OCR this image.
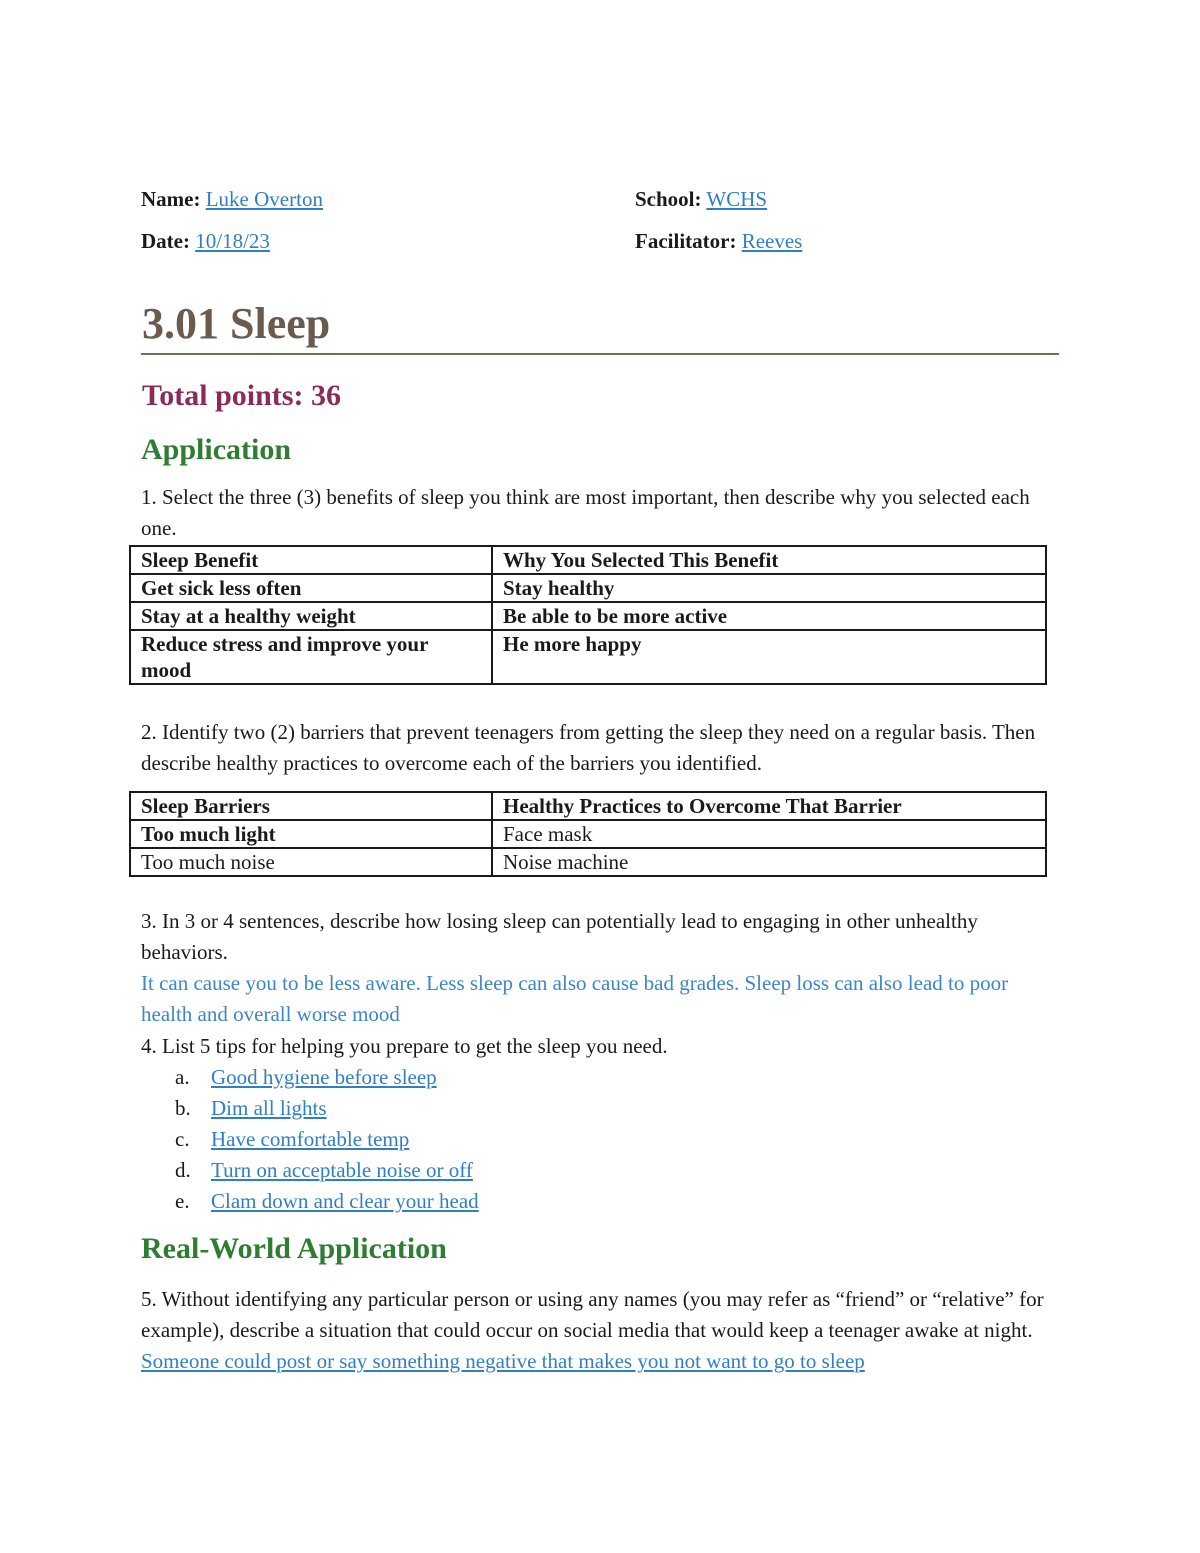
Name: Luke Overton
Date: 10/18/23
School: WCHS
Facilitator: Reeves
3.01 Sleep
Total points: 36
Application
1. Select the three (3) benefits of sleep you think are most important, then describe why you selected each one.
Sleep Benefit	Why You Selected This Benefit
Get sick less often	Stay healthy
Stay at a healthy weight	Be able to be more active
Reduce stress and improve your mood	He more happy
2. Identify two (2) barriers that prevent teenagers from getting the sleep they need on a regular basis. Then describe healthy practices to overcome each of the barriers you identified.
Sleep Barriers	Healthy Practices to Overcome That Barrier
Too much light	Face mask
Too much noise	Noise machine
3. In 3 or 4 sentences, describe how losing sleep can potentially lead to engaging in other unhealthy behaviors.
It can cause you to be less aware. Less sleep can also cause bad grades. Sleep loss can also lead to poor health and overall worse mood
4. List 5 tips for helping you prepare to get the sleep you need.
a.	Good hygiene before sleep
b. Dim all lights
c.	Have comfortable temp
d. Turn on acceptable noise or off
e.	Clam down and clear your head
Real-World Application
5. Without identifying any particular person or using any names (you may refer as “friend” or “relative” for example), describe a situation that could occur on social media that would keep a teenager awake at night. Someone could post or say something negative that makes you not want to go to sleep
